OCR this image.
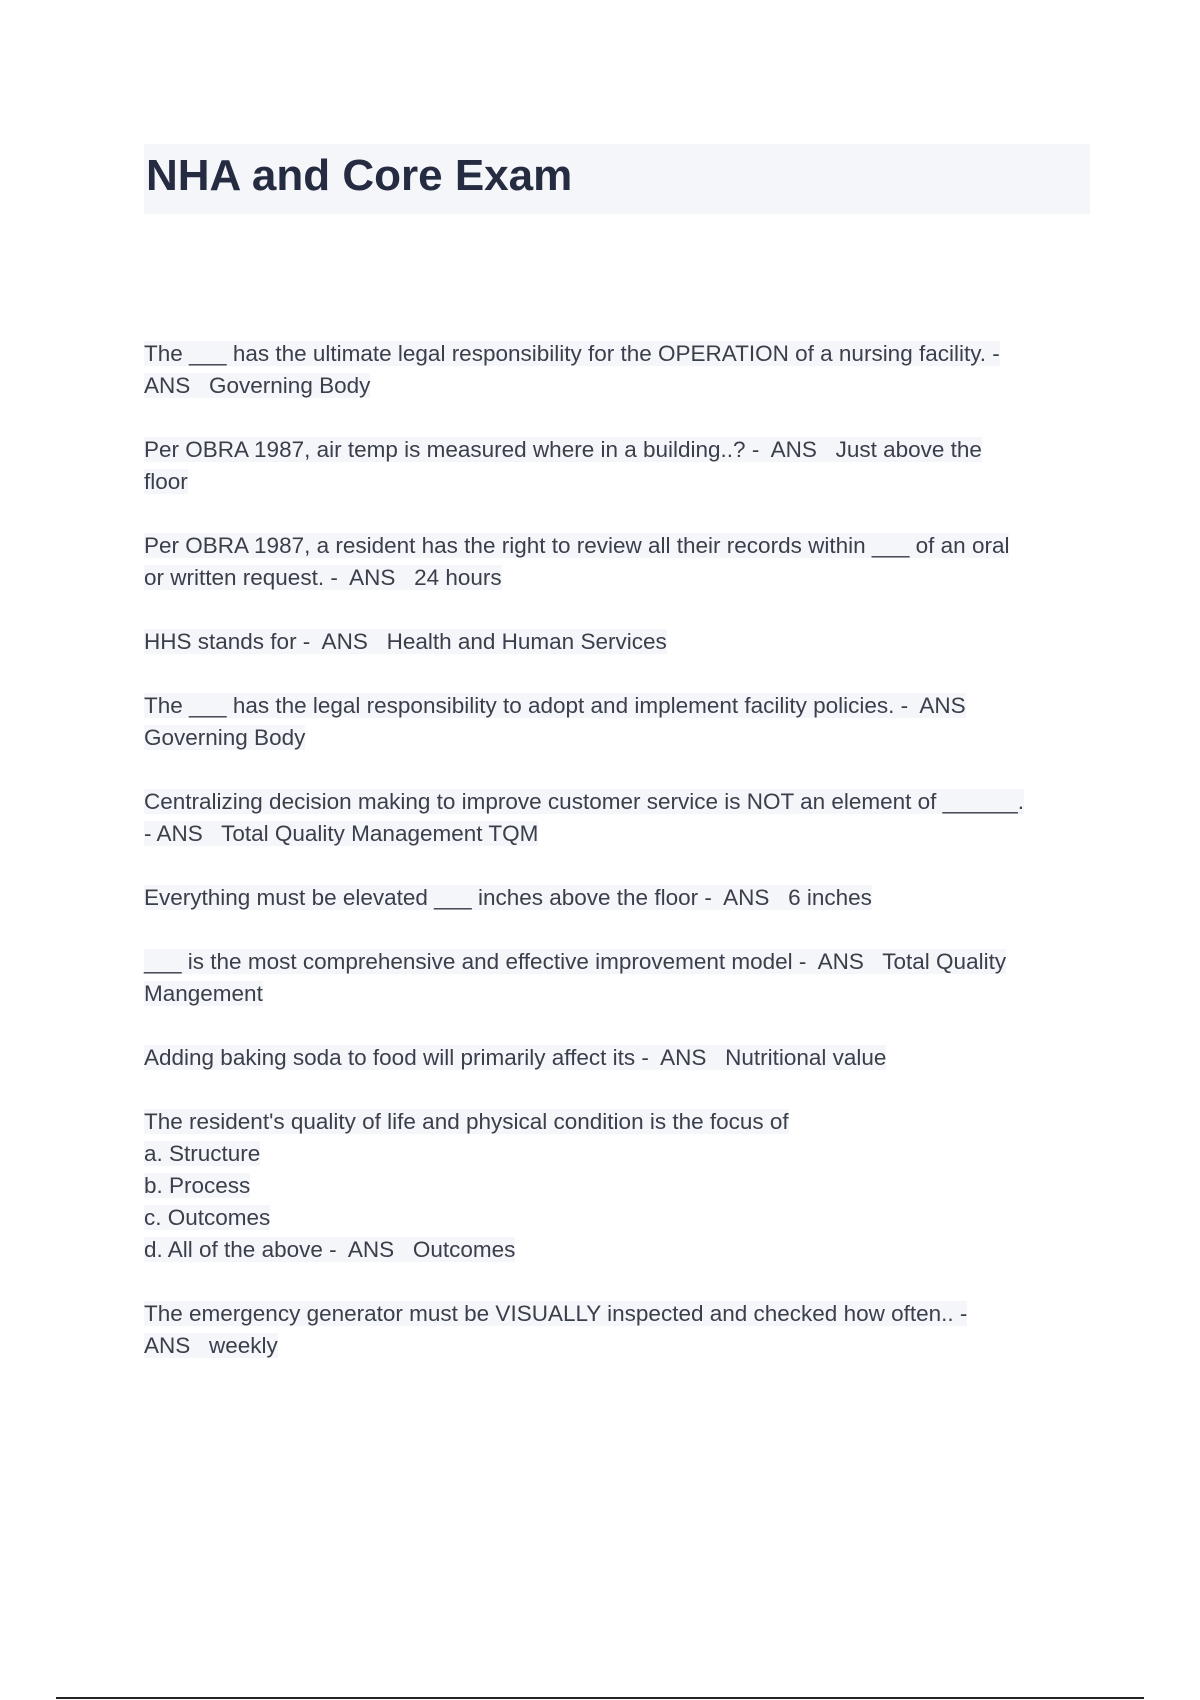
NHA and Core Exam
The ___ has the ultimate legal responsibility for the OPERATION of a nursing facility. -
ANS   Governing Body
Per OBRA 1987, air temp is measured where in a building..? -  ANS   Just above the
floor
Per OBRA 1987, a resident has the right to review all their records within ___ of an oral
or written request. -  ANS   24 hours
HHS stands for -  ANS   Health and Human Services
The ___ has the legal responsibility to adopt and implement facility policies. -  ANS
Governing Body
Centralizing decision making to improve customer service is NOT an element of ______.
- ANS   Total Quality Management TQM
Everything must be elevated ___ inches above the floor -  ANS   6 inches
___ is the most comprehensive and effective improvement model -  ANS   Total Quality
Mangement
Adding baking soda to food will primarily affect its -  ANS   Nutritional value
The resident's quality of life and physical condition is the focus of
a. Structure
b. Process
c. Outcomes
d. All of the above -  ANS   Outcomes
The emergency generator must be VISUALLY inspected and checked how often.. -
ANS   weekly
